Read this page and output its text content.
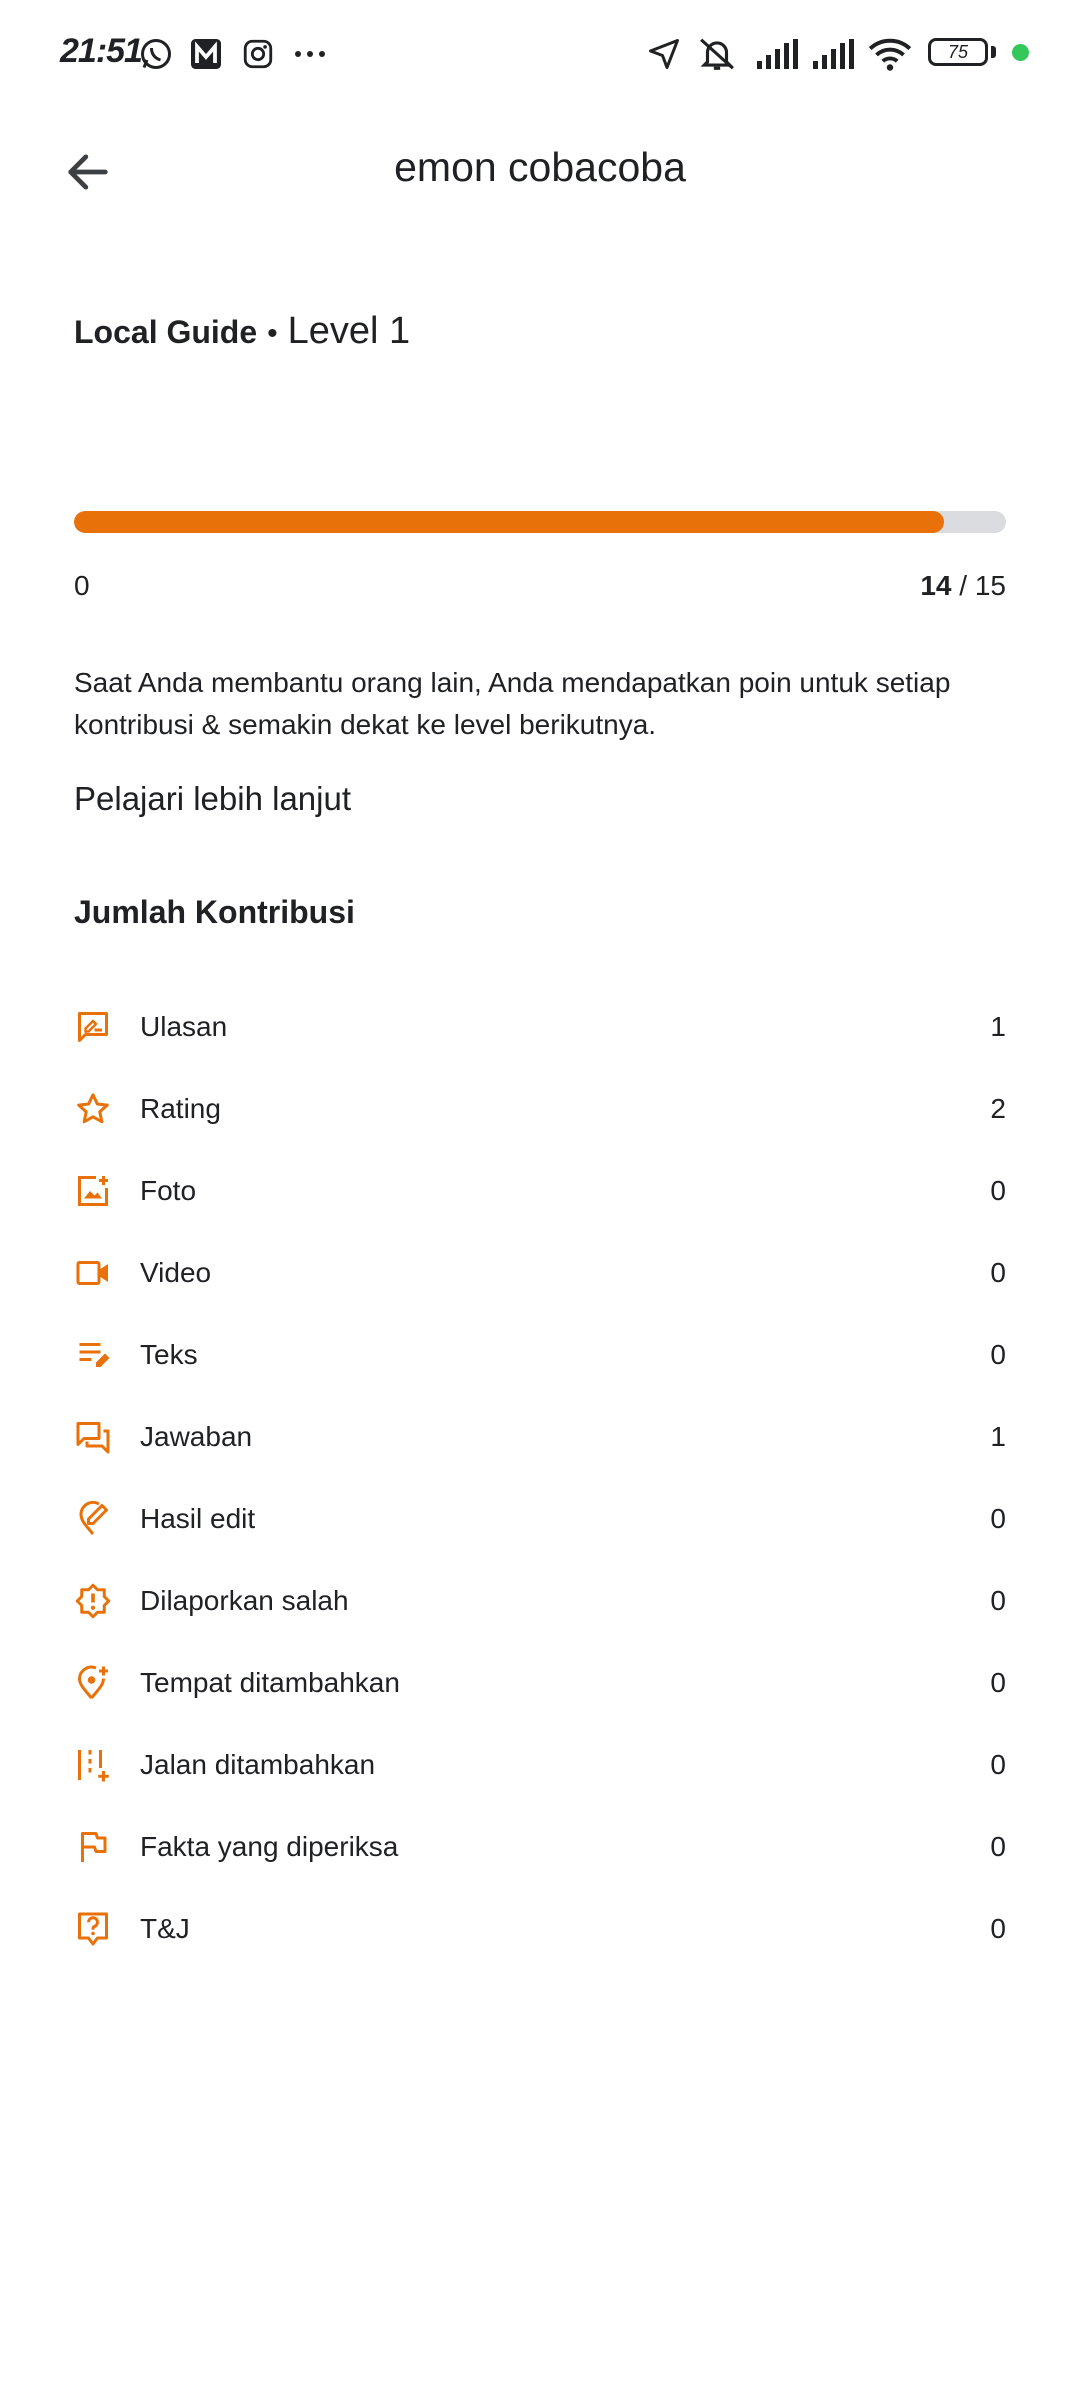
21:51	75
emon cobacoba
Local Guide • Level 1
0	14 / 15
Saat Anda membantu orang lain, Anda mendapatkan poin untuk setiap kontribusi & semakin dekat ke level berikutnya.
Pelajari lebih lanjut
Jumlah Kontribusi
Ulasan	1
Rating	2
Foto	0
Video	0
Teks	0
Jawaban	1
Hasil edit	0
Dilaporkan salah	0
Tempat ditambahkan	0
Jalan ditambahkan	0
Fakta yang diperiksa	0
T&J	0
